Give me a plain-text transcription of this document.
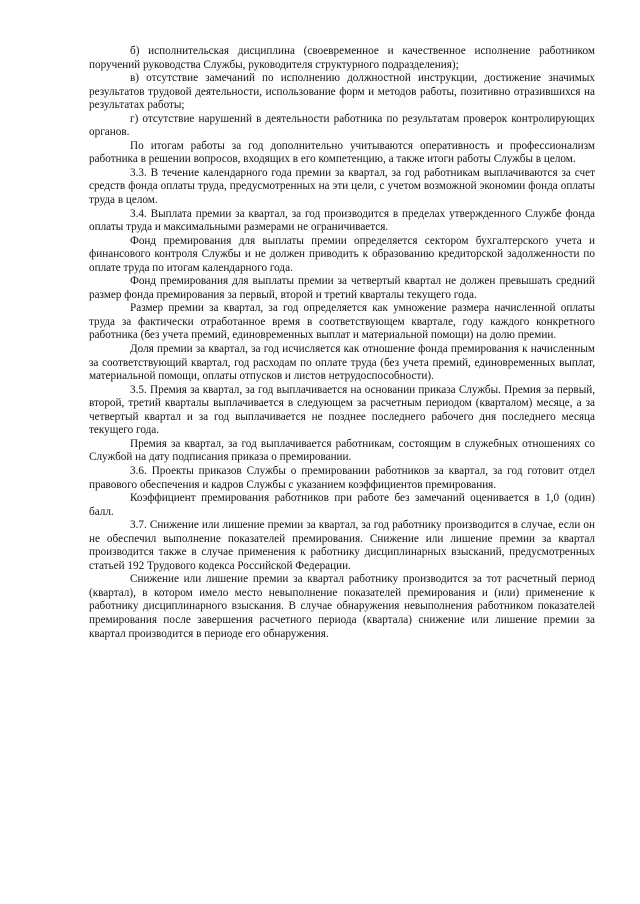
б) исполнительская дисциплина (своевременное и качественное исполнение работником поручений руководства Службы, руководителя структурного подразделения);

в) отсутствие замечаний по исполнению должностной инструкции, достижение значимых результатов трудовой деятельности, использование форм и методов работы, позитивно отразившихся на результатах работы;

г) отсутствие нарушений в деятельности работника по результатам проверок контролирующих органов.

По итогам работы за год дополнительно учитываются оперативность и профессионализм работника в решении вопросов, входящих в его компетенцию, а также итоги работы Службы в целом.

3.3. В течение календарного года премии за квартал, за год работникам выплачиваются за счет средств фонда оплаты труда, предусмотренных на эти цели, с учетом возможной экономии фонда оплаты труда в целом.

3.4. Выплата премии за квартал, за год производится в пределах утвержденного Службе фонда оплаты труда и максимальными размерами не ограничивается.

Фонд премирования для выплаты премии определяется сектором бухгалтерского учета и финансового контроля Службы и не должен приводить к образованию кредиторской задолженности по оплате труда по итогам календарного года.

Фонд премирования для выплаты премии за четвертый квартал не должен превышать средний размер фонда премирования за первый, второй и третий кварталы текущего года.

Размер премии за квартал, за год определяется как умножение размера начисленной оплаты труда за фактически отработанное время в соответствующем квартале, году каждого конкретного работника (без учета премий, единовременных выплат и материальной помощи) на долю премии.

Доля премии за квартал, за год исчисляется как отношение фонда премирования к начисленным за соответствующий квартал, год расходам по оплате труда (без учета премий, единовременных выплат, материальной помощи, оплаты отпусков и листов нетрудоспособности).

3.5. Премия за квартал, за год выплачивается на основании приказа Службы. Премия за первый, второй, третий кварталы выплачивается в следующем за расчетным периодом (кварталом) месяце, а за четвертый квартал и за год выплачивается не позднее последнего рабочего дня последнего месяца текущего года.

Премия за квартал, за год выплачивается работникам, состоящим в служебных отношениях со Службой на дату подписания приказа о премировании.

3.6. Проекты приказов Службы о премировании работников за квартал, за год готовит отдел правового обеспечения и кадров Службы с указанием коэффициентов премирования.

Коэффициент премирования работников при работе без замечаний оценивается в 1,0 (один) балл.

3.7. Снижение или лишение премии за квартал, за год работнику производится в случае, если он не обеспечил выполнение показателей премирования. Снижение или лишение премии за квартал производится также в случае применения к работнику дисциплинарных взысканий, предусмотренных статьей 192 Трудового кодекса Российской Федерации.

Снижение или лишение премии за квартал работнику производится за тот расчетный период (квартал), в котором имело место невыполнение показателей премирования и (или) применение к работнику дисциплинарного взыскания. В случае обнаружения невыполнения работником показателей премирования после завершения расчетного периода (квартала) снижение или лишение премии за квартал производится в периоде его обнаружения.
